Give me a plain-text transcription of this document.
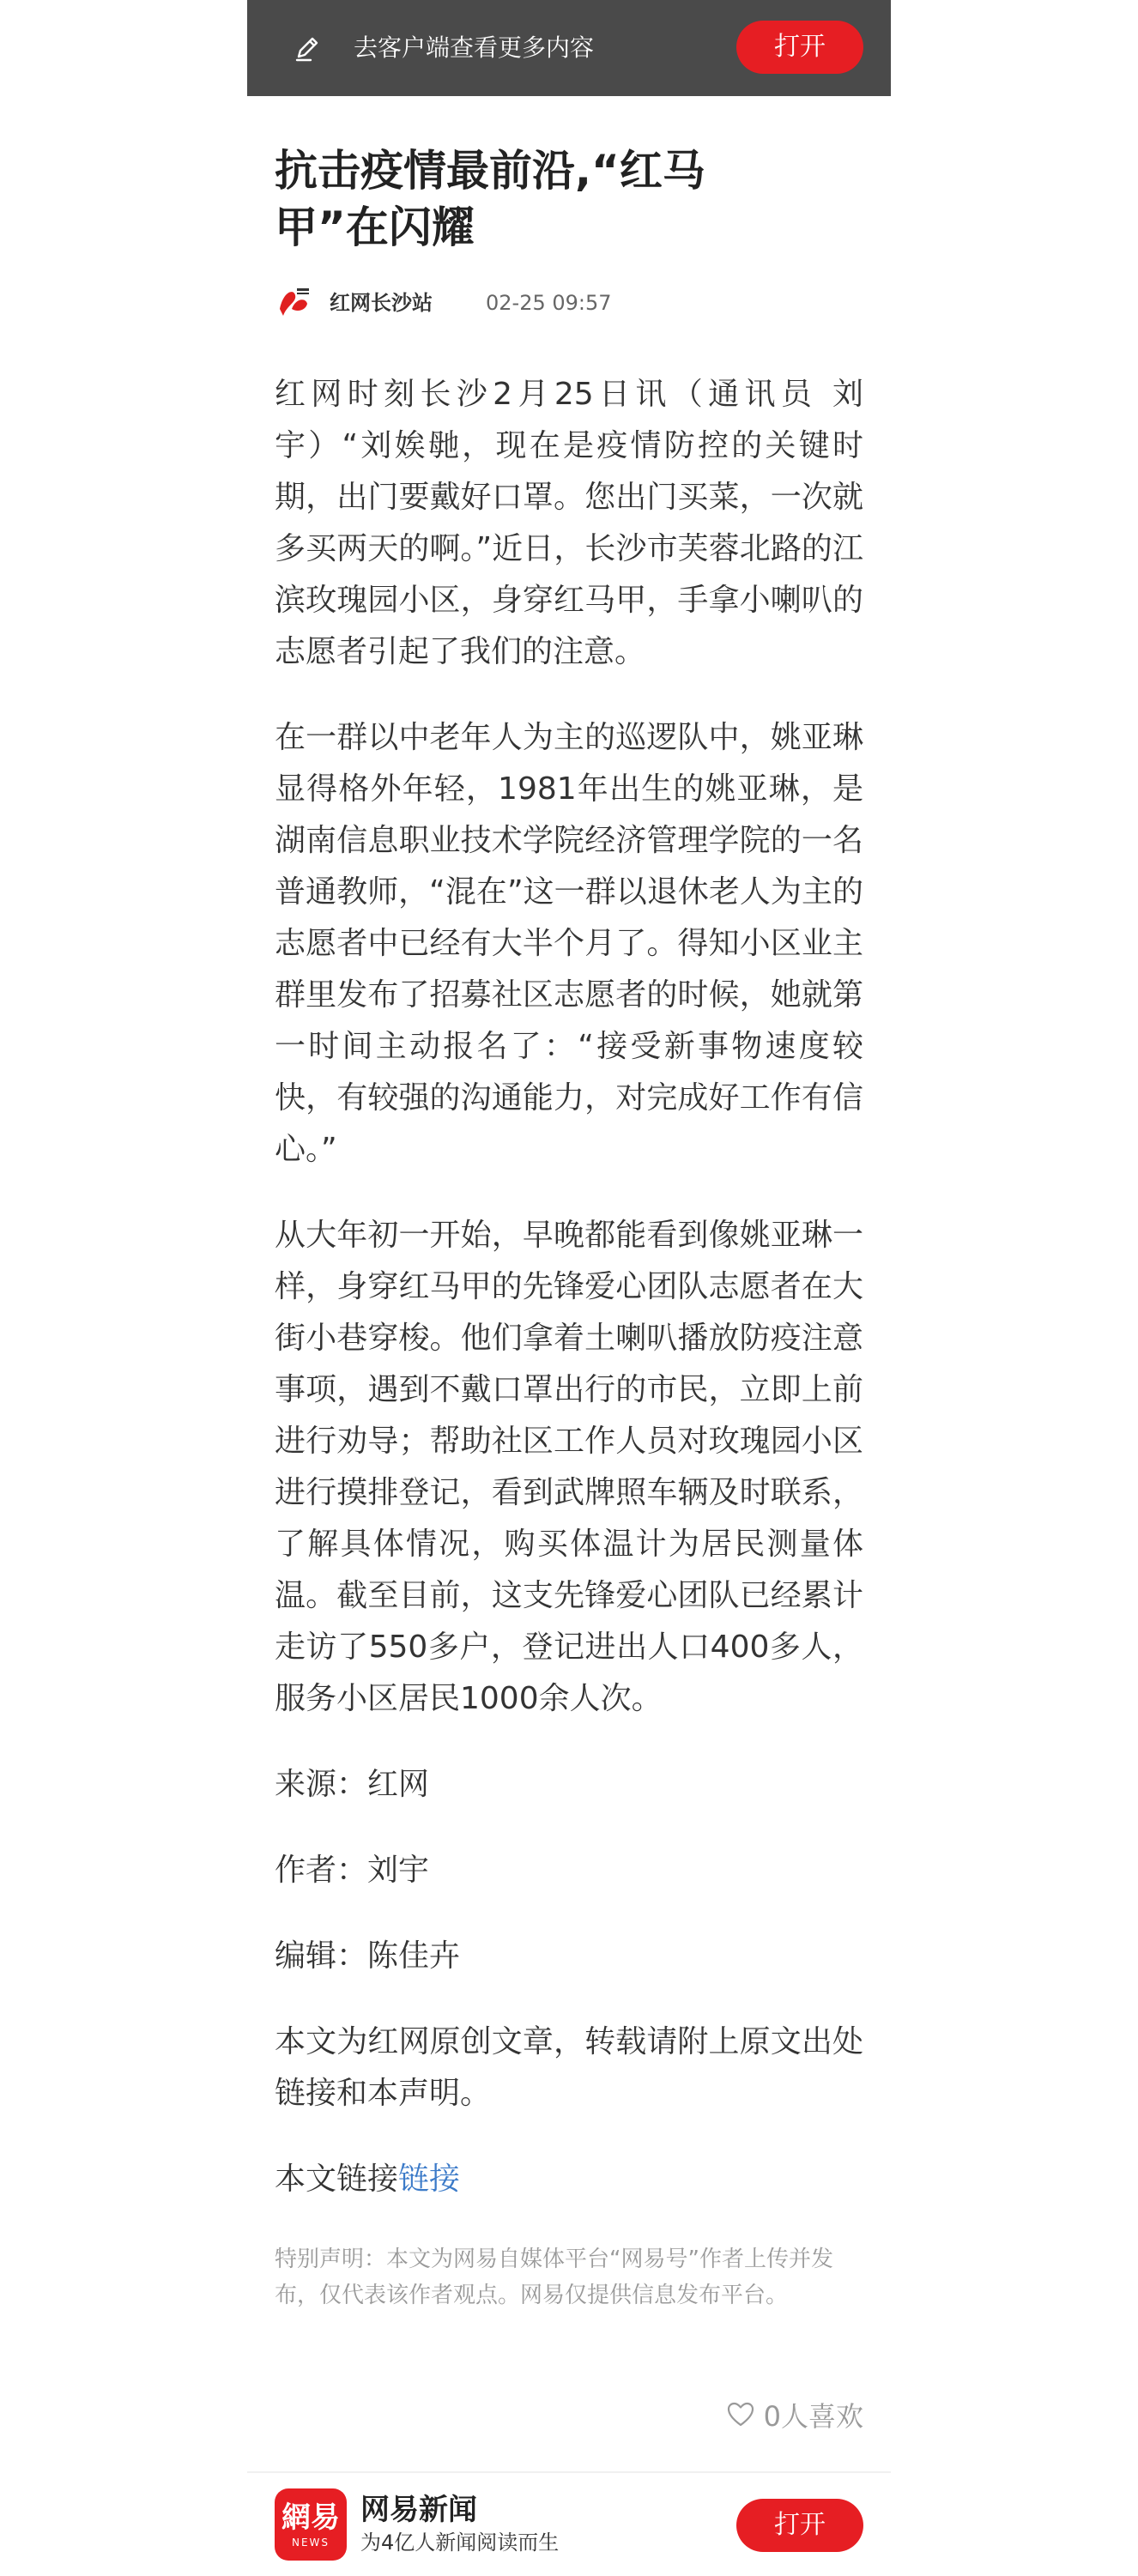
去客户端查看更多内容	打开
抗击疫情最前沿,“红马甲”在闪耀
红网长沙站	02-25 09:57

红网时刻长沙2月25日讯（通讯员 刘宇）“刘娭毑，现在是疫情防控的关键时期，出门要戴好口罩。您出门买菜，一次就多买两天的啊。”近日，长沙市芙蓉北路的江滨玫瑰园小区，身穿红马甲，手拿小喇叭的志愿者引起了我们的注意。

在一群以中老年人为主的巡逻队中，姚亚琳显得格外年轻，1981年出生的姚亚琳，是湖南信息职业技术学院经济管理学院的一名普通教师，“混在”这一群以退休老人为主的志愿者中已经有大半个月了。得知小区业主群里发布了招募社区志愿者的时候，她就第一时间主动报名了：“接受新事物速度较快，有较强的沟通能力，对完成好工作有信心。”

从大年初一开始，早晚都能看到像姚亚琳一样，身穿红马甲的先锋爱心团队志愿者在大街小巷穿梭。他们拿着土喇叭播放防疫注意事项，遇到不戴口罩出行的市民，立即上前进行劝导；帮助社区工作人员对玫瑰园小区进行摸排登记，看到武牌照车辆及时联系，了解具体情况，购买体温计为居民测量体温。截至目前，这支先锋爱心团队已经累计走访了550多户，登记进出人口400多人，服务小区居民1000余人次。

来源：红网

作者：刘宇

编辑：陈佳卉

本文为红网原创文章，转载请附上原文出处链接和本声明。

本文链接链接

特别声明：本文为网易自媒体平台“网易号”作者上传并发布，仅代表该作者观点。网易仅提供信息发布平台。

0人喜欢
網易
NEWS
网易新闻
为4亿人新闻阅读而生
打开
